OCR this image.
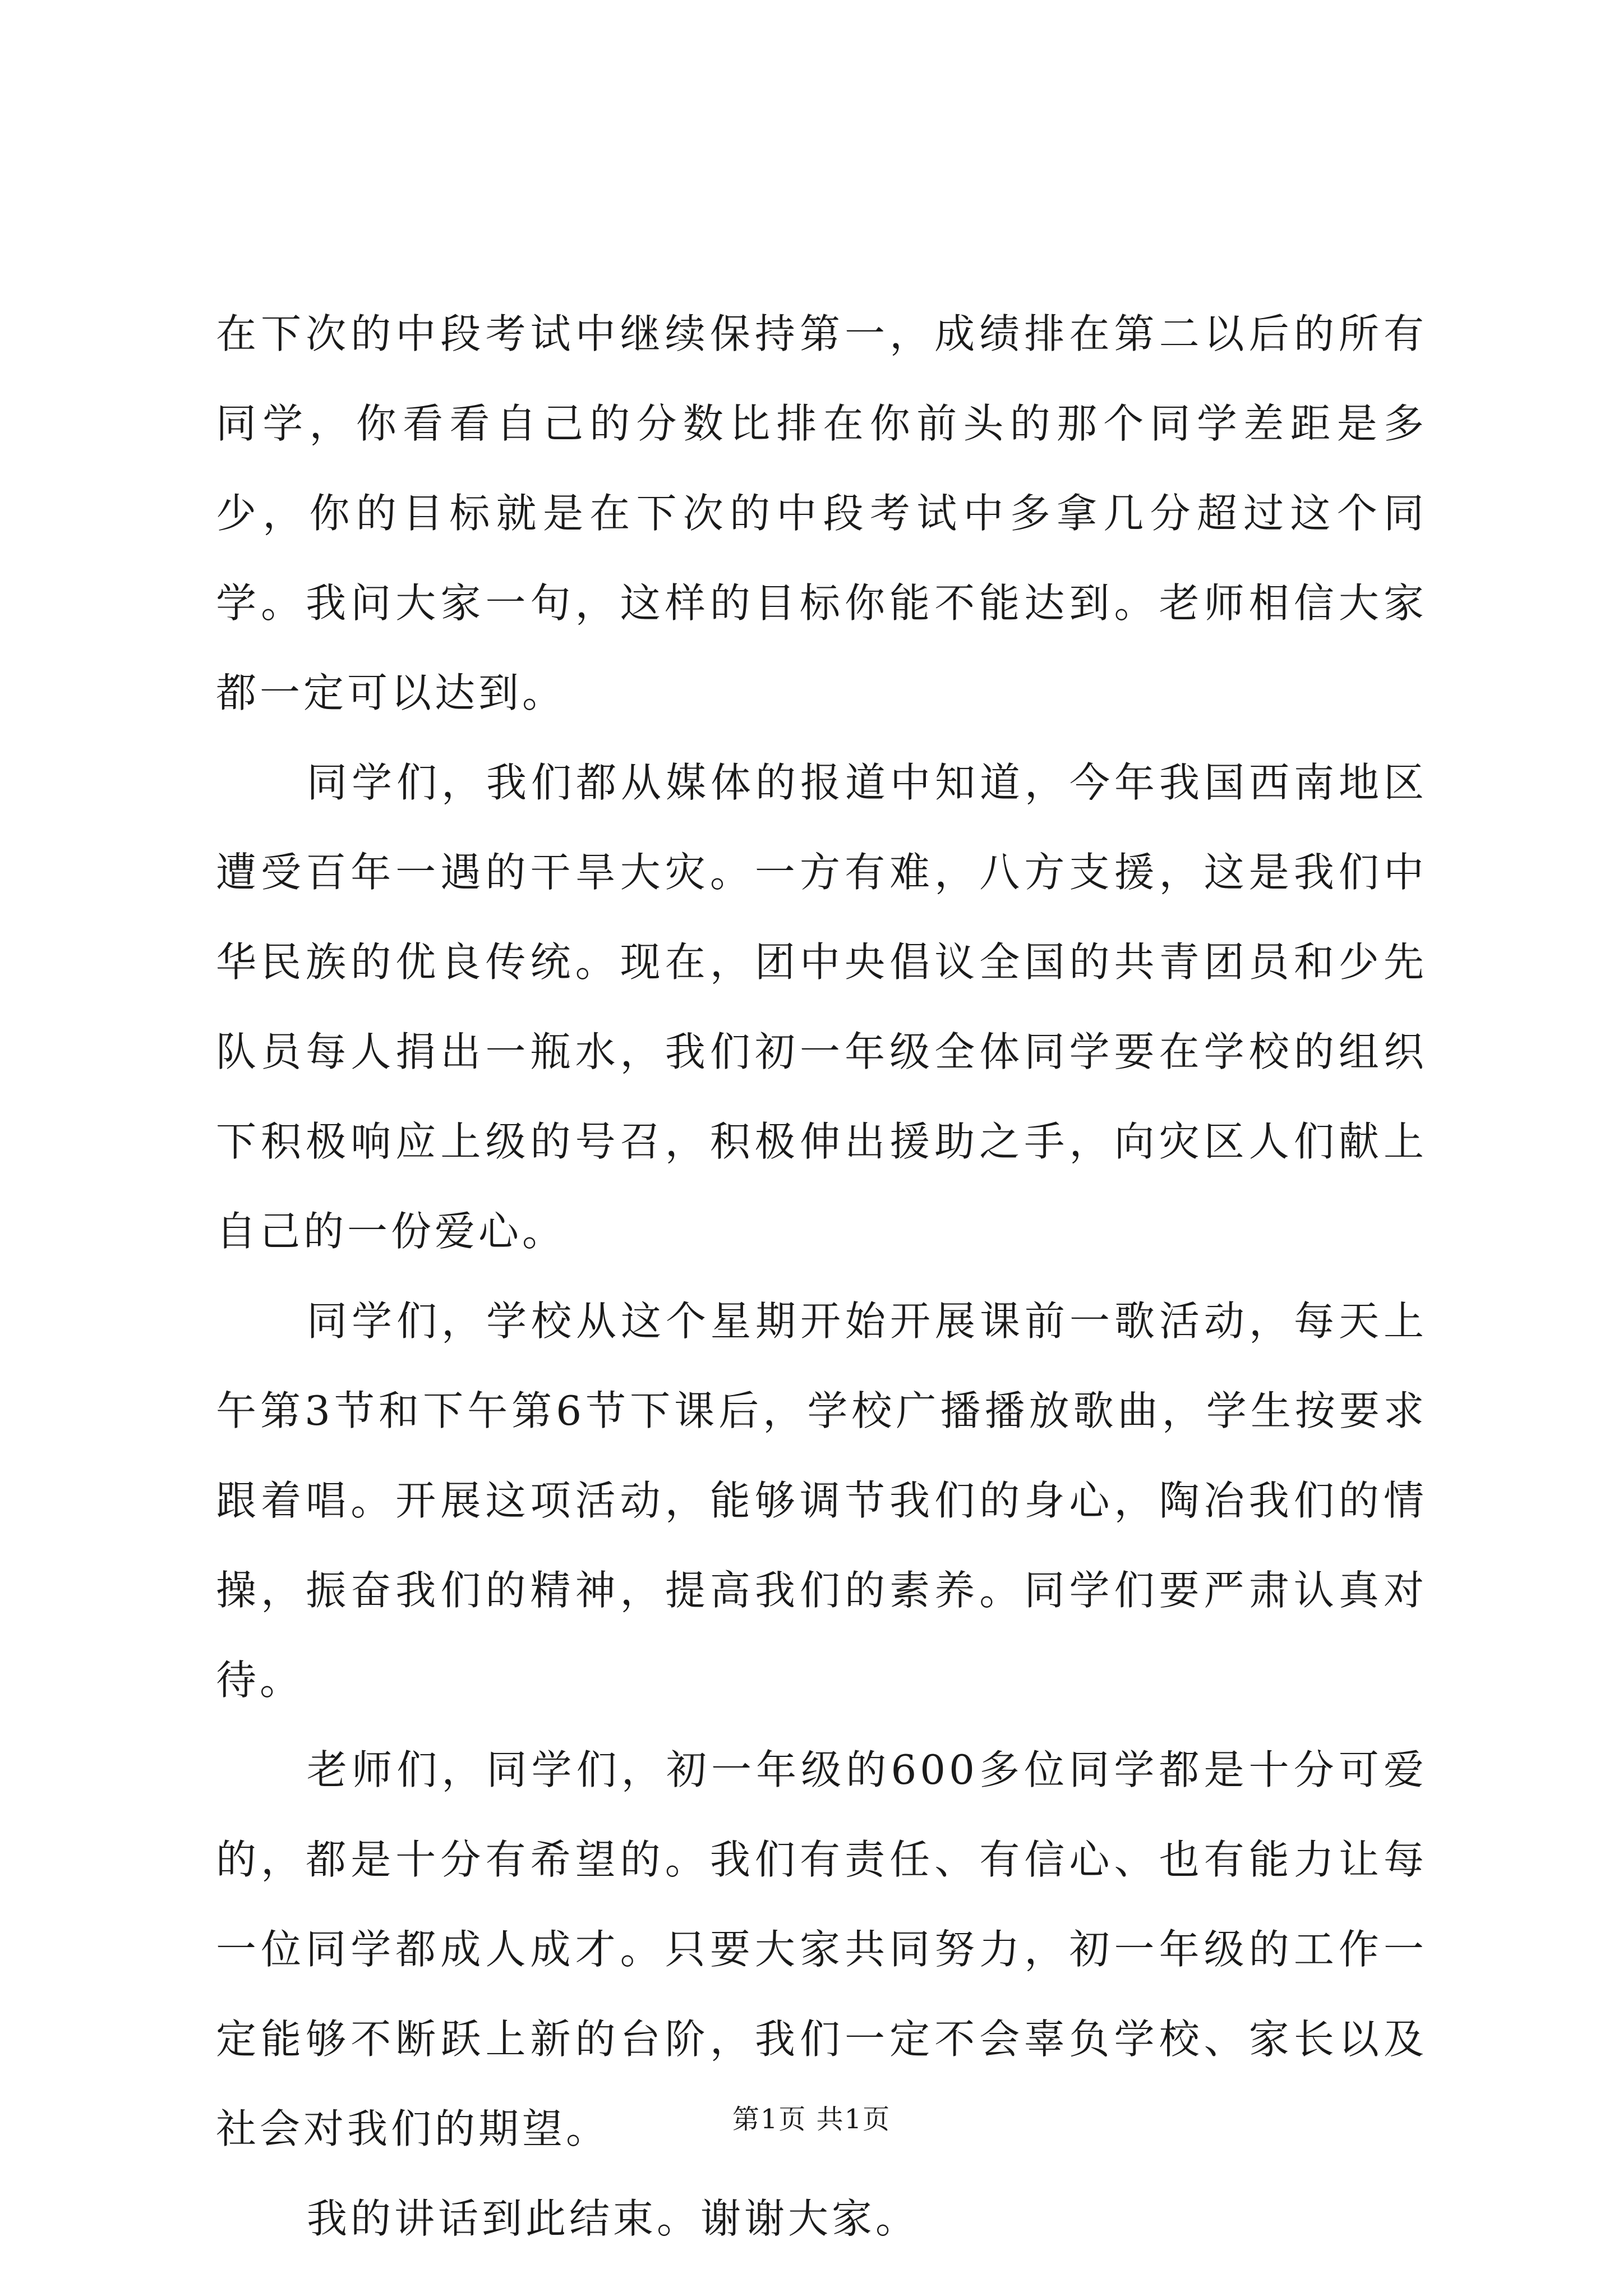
在下次的中段考试中继续保持第一，成绩排在第二以后的所有同学，你看看自己的分数比排在你前头的那个同学差距是多少，你的目标就是在下次的中段考试中多拿几分超过这个同学。我问大家一句，这样的目标你能不能达到。老师相信大家都一定可以达到。

同学们，我们都从媒体的报道中知道，今年我国西南地区遭受百年一遇的干旱大灾。一方有难，八方支援，这是我们中华民族的优良传统。现在，团中央倡议全国的共青团员和少先队员每人捐出一瓶水，我们初一年级全体同学要在学校的组织下积极响应上级的号召，积极伸出援助之手，向灾区人们献上自己的一份爱心。

同学们，学校从这个星期开始开展课前一歌活动，每天上午第3节和下午第6节下课后，学校广播播放歌曲，学生按要求跟着唱。开展这项活动，能够调节我们的身心，陶冶我们的情操，振奋我们的精神，提高我们的素养。同学们要严肃认真对待。

老师们，同学们，初一年级的600多位同学都是十分可爱的，都是十分有希望的。我们有责任、有信心、也有能力让每一位同学都成人成才。只要大家共同努力，初一年级的工作一定能够不断跃上新的台阶，我们一定不会辜负学校、家长以及社会对我们的期望。

我的讲话到此结束。谢谢大家。

第1页 共1页
